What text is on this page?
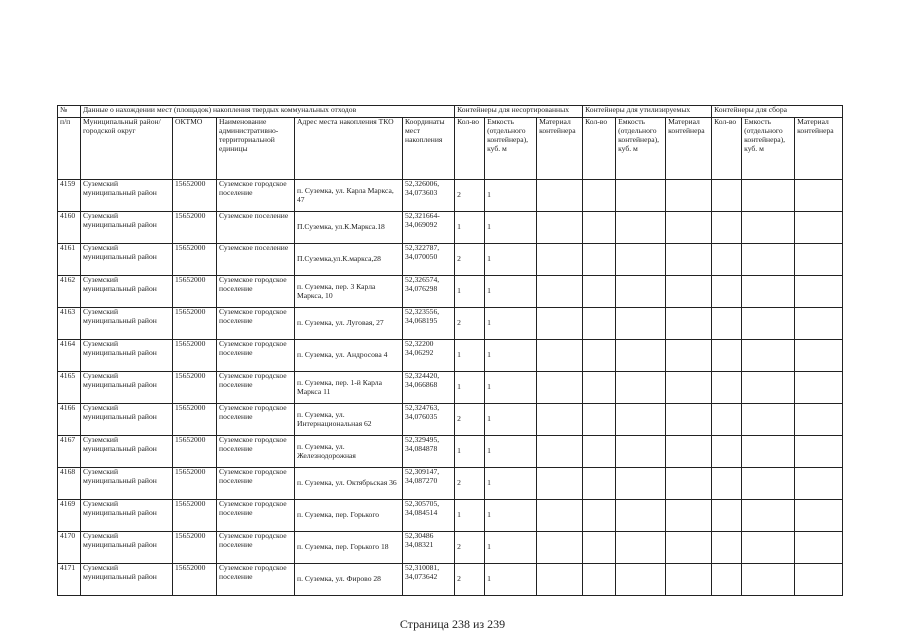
№	Данные о нахождении мест (площадок) накопления твердых коммунальных отходов					Контейнеры для несортированных			Контейнеры для утилизируемых			Контейнеры для сбора		
п/п	Муниципальный район/городской округ	ОКТМО	Наименование административно-территориальной единицы	Адрес места накопления ТКО	Координаты мест накопления	Кол-во	Емкость (отдельного контейнера), куб. м	Материал контейнера	Кол-во	Емкость (отдельного контейнера), куб. м	Материал контейнера	Кол-во	Емкость (отдельного контейнера), куб. м	Материал контейнера
4159	Суземский муниципальный район	15652000	Суземское городское поселение	п. Суземка, ул. Карла Маркса, 47	52,326006, 34,073603	2	1							
4160	Суземский муниципальный район	15652000	Суземское поселение	П.Суземка, ул.К.Маркса.18	52,321664- 34,069092	1	1							
4161	Суземский муниципальный район	15652000	Суземское поселение	П.Суземка,ул.К.маркса,28	52,322787, 34,070050	2	1							
4162	Суземский муниципальный район	15652000	Суземское городское поселение	п. Суземка, пер. 3 Карла Маркса, 10	52,326574, 34,076298	1	1							
4163	Суземский муниципальный район	15652000	Суземское городское поселение	п. Суземка, ул. Луговая, 27	52,323556, 34,068195	2	1							
4164	Суземский муниципальный район	15652000	Суземское городское поселение	п. Суземка, ул. Андросова 4	52,32200 34,06292	1	1							
4165	Суземский муниципальный район	15652000	Суземское городское поселение	п. Суземка, пер. 1-й Карла Маркса 11	52,324420, 34,066868	1	1							
4166	Суземский муниципальный район	15652000	Суземское городское поселение	п. Суземка, ул. Интернациональная 62	52,324763, 34,076035	2	1							
4167	Суземский муниципальный район	15652000	Суземское городское поселение	п. Суземка, ул. Железнодорожная	52,329495, 34,084878	1	1							
4168	Суземский муниципальный район	15652000	Суземское городское поселение	п. Суземка, ул. Октябрьская 36	52,309147, 34,087270	2	1							
4169	Суземский муниципальный район	15652000	Суземское городское поселение	п. Суземка, пер. Горького	52,305705, 34,084514	1	1							
4170	Суземский муниципальный район	15652000	Суземское городское поселение	п. Суземка, пер. Горького 18	52,30486 34,08321	2	1							
4171	Суземский муниципальный район	15652000	Суземское городское поселение	п. Суземка, ул. Фирово 28	52,310081, 34,073642	2	1							
Страница 238 из 239
